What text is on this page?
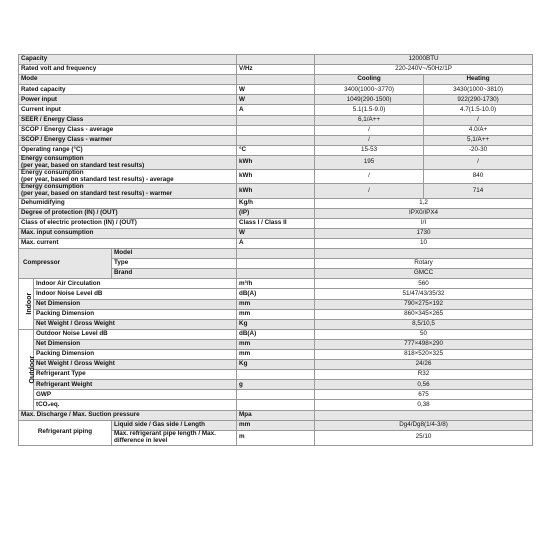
Capacity				12000BTU	
Rated volt and frequency			V/Hz	220-240V~/50Hz/1P	
Mode				Cooling	Heating
Rated capacity			W	3400(1000~3770)	3430(1000~3810)
Power input			W	1049(290-1500)	922(290-1730)
Current input			A	5.1(1.5-9.0)	4.7(1.5-10.0)
SEER / Energy Class				6,1/A++	/
SCOP / Energy Class - average				/	4.0/A+
SCOP / Energy Class - warmer				/	5,1/A++
Operating range (°C)			°C	15-53	-20-30

Energy consumption
(per year, based on standard test results)			kWh	195	/

Energy consumption
(per year, based on standard test results) - average			kWh	/	840

Energy consumption
(per year, based on standard test results) - warmer			kWh	/	714
Dehumidifying			Kg/h	1,2	
Degree of protection (IN) / (OUT)			(IP)	IPX0/IPX4	
Class of electric protection (IN) / (OUT)			Class I / Class II	I/I	
Max. input consumption			W	1730	
Max. current			A	10	
Compressor		Model			
		Type		Rotary	
		Brand		GMCC	
Indoor	Indoor Air Circulation		m³/h	560	
	Indoor Noise Level dB		dB(A)	51/47/43/35/32	
	Net Dimension		mm	790×275×192	
	Packing Dimension		mm	860×345×265	
	Net Weight / Gross Weight		Kg	8,5/10,5	
Outdoor	Outdoor Noise Level dB		dB(A)	50	
	Net Dimension		mm	777×498×290	
	Packing Dimension		mm	818×520×325	
	Net Weight / Gross Weight		Kg	24/26	
	Refrigerant Type			R32	
	Refrigerant Weight		g	0,56	
	GWP			675	
	tCO₂eq.			0,38	
Max. Discharge / Max. Suction pressure			Mpa		
Refrigerant piping		Liquid side / Gas side / Length	mm	Dg4/Dg8(1/4-3/8)	
		Max. refrigerant pipe length / Max. difference in level	m	25/10	
